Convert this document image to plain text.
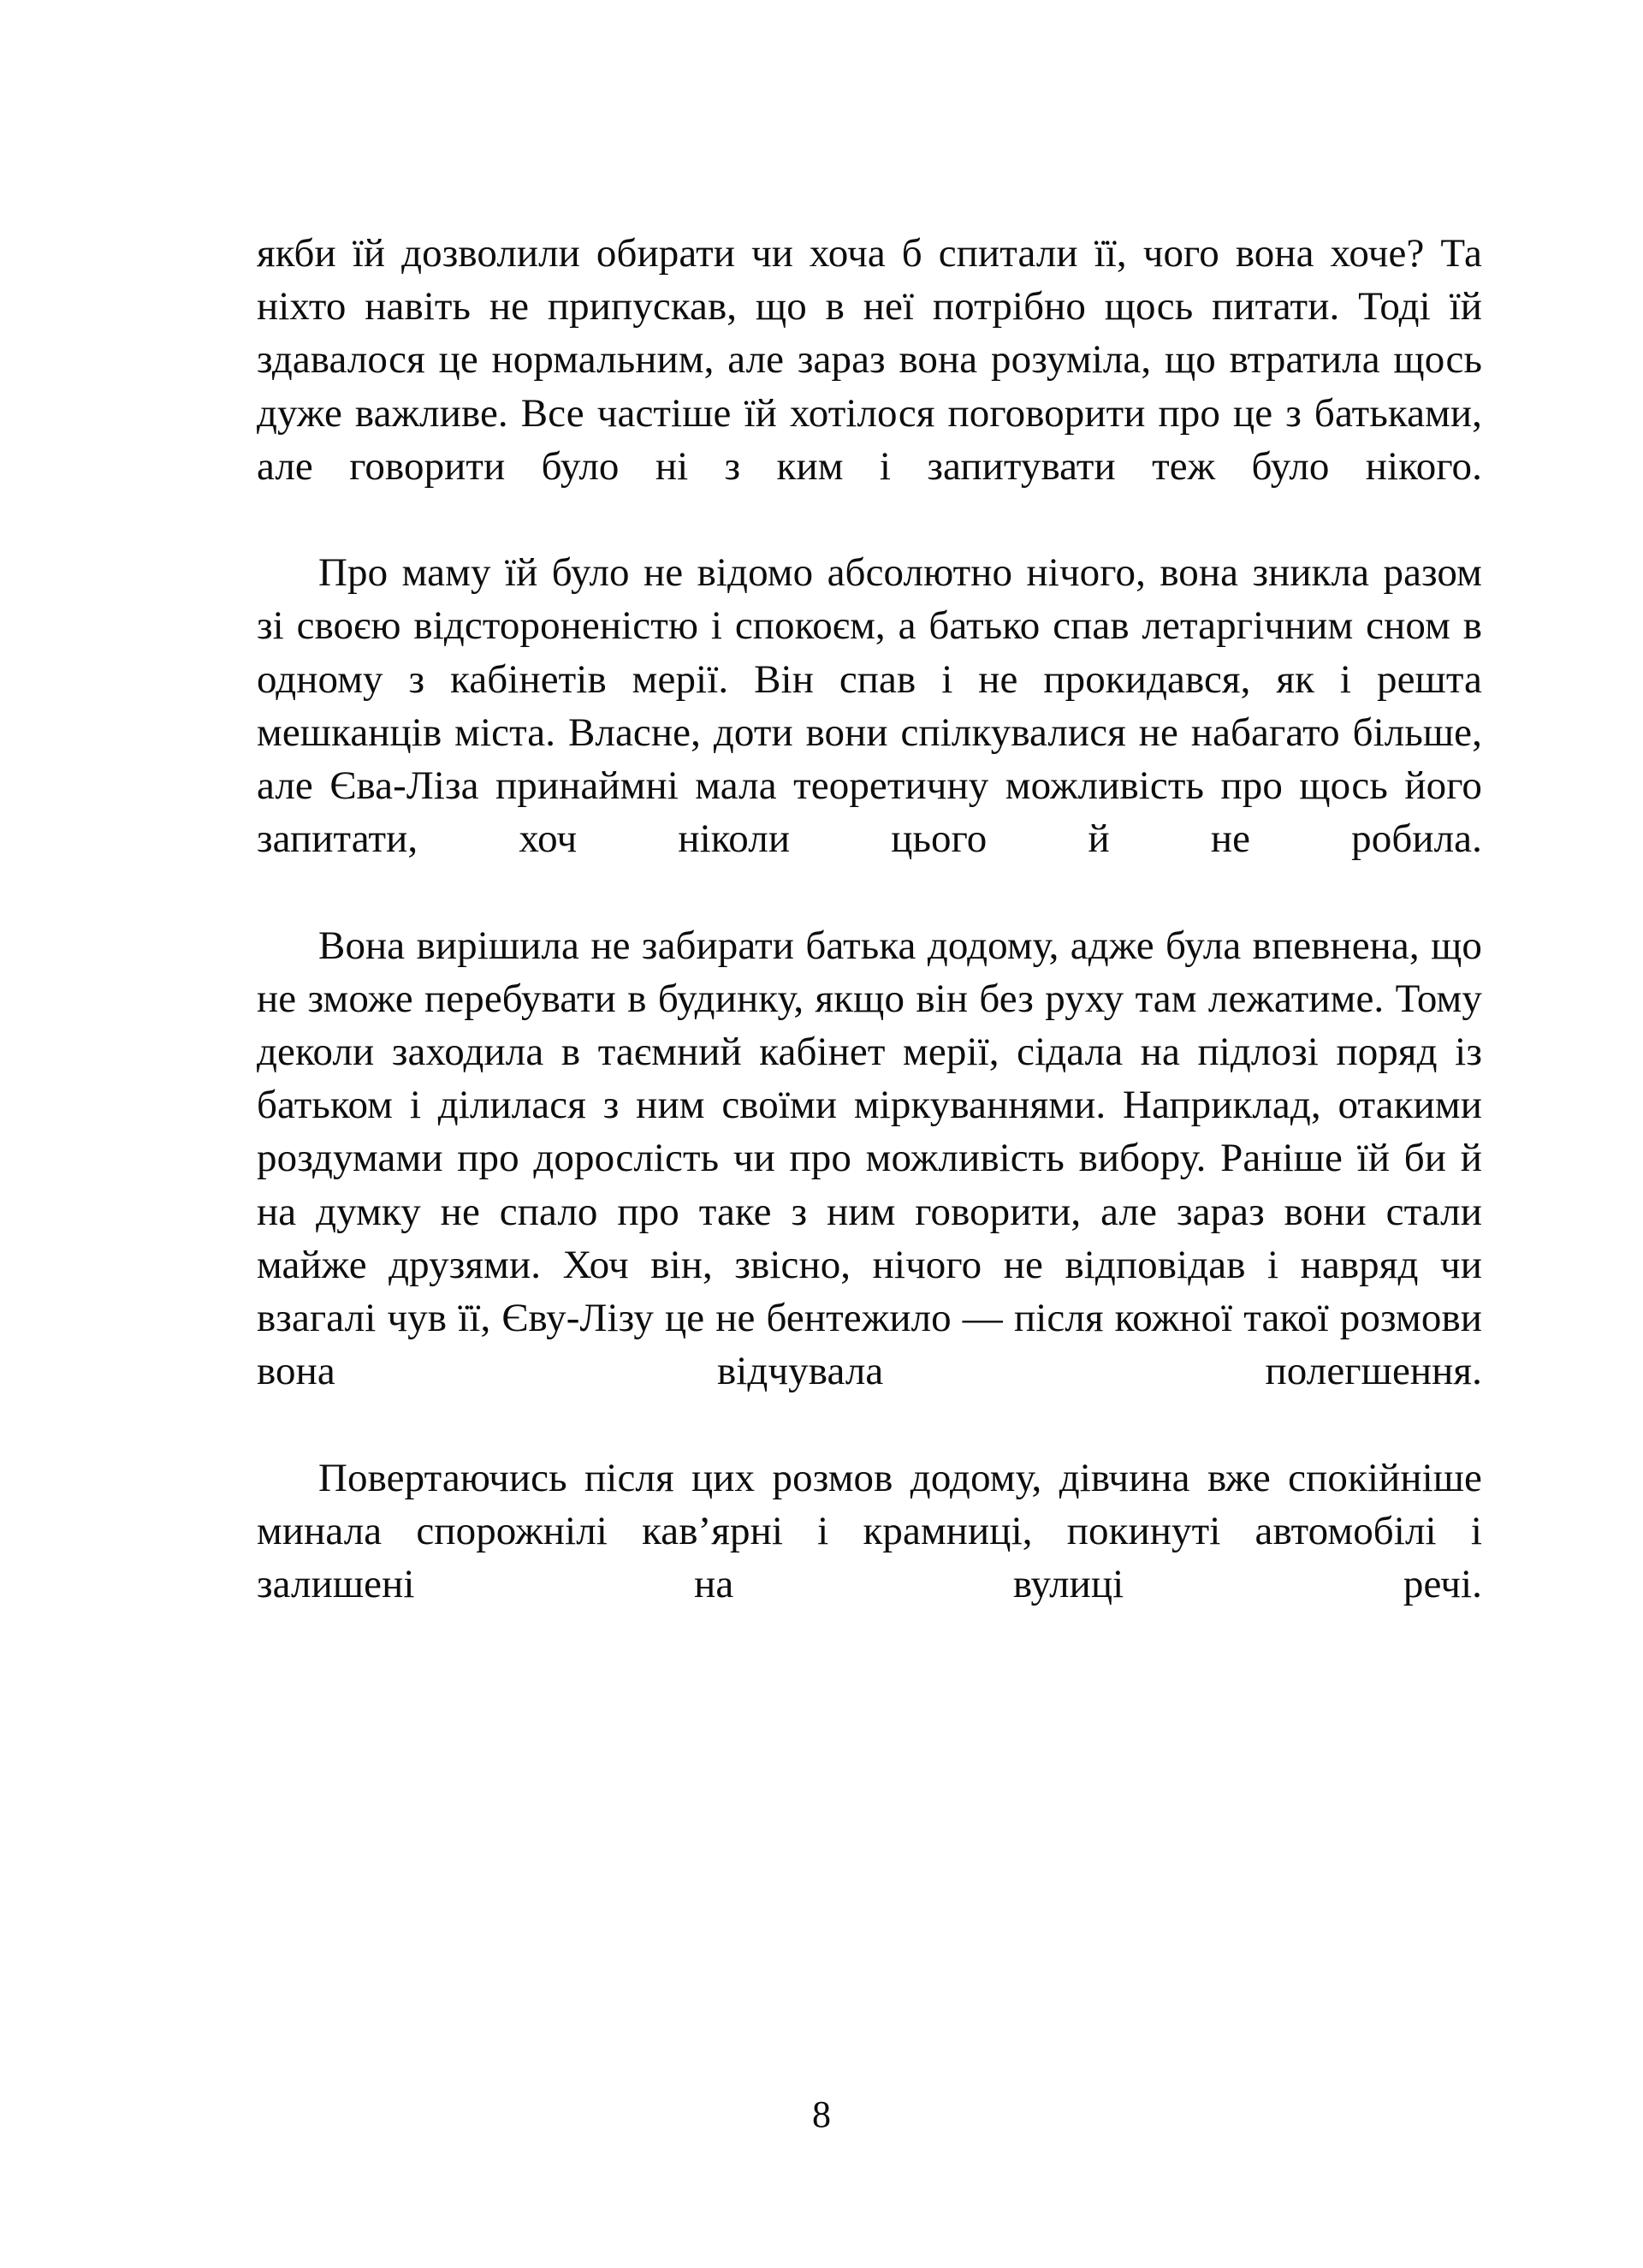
якби їй дозволили обирати чи хоча б спитали її, чого вона хоче? Та ніхто навіть не припускав, що в неї потрібно щось питати. Тоді їй здавалося це нормальним, але зараз вона розуміла, що втратила щось дуже важливе. Все частіше їй хотілося поговорити про це з батьками, але говорити було ні з ким і запитувати теж було нікого.

Про маму їй було не відомо абсолютно нічого, вона зникла разом зі своєю відстороненістю і спокоєм, а батько спав летаргічним сном в одному з кабінетів мерії. Він спав і не прокидався, як і решта мешканців міста. Власне, доти вони спілкувалися не набагато більше, але Єва-Ліза принаймні мала теоретичну можливість про щось його запитати, хоч ніколи цього й не робила.

Вона вирішила не забирати батька додому, адже була впевнена, що не зможе перебувати в будинку, якщо він без руху там лежатиме. Тому деколи заходила в таємний кабінет мерії, сідала на підлозі поряд із батьком і ділилася з ним своїми міркуваннями. Наприклад, отакими роздумами про дорослість чи про можливість вибору. Раніше їй би й на думку не спало про таке з ним говорити, але зараз вони стали майже друзями. Хоч він, звісно, нічого не відповідав і навряд чи взагалі чув її, Єву-Лізу це не бентежило — після кожної такої розмови вона відчувала полегшення.

Повертаючись після цих розмов додому, дівчина вже спокійніше минала спорожнілі кав’ярні і крамниці, покинуті автомобілі і залишені на вулиці речі.

8
